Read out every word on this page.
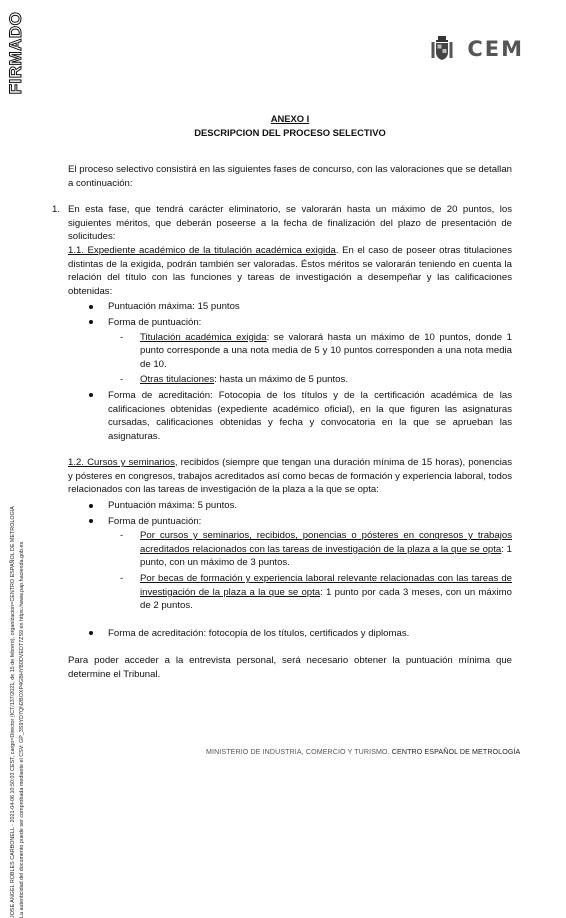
FIRMADO
JOSE ANGEL ROBLES CARBONELL - 2021-04-06 10:50:03 CEST, cargo=Director (ICT/137/2021, de 15 de febrero), organizacion=CENTRO ESPAÑOL DE METROLOGIA La autenticidad del documento puede ser comprobada mediante el CSV: GP_3S9YD7QN2BOXP4GBHYB0DVEDT7ZS9 en https://www.pap.hacienda.gob.es
CEM
ANEXO I
DESCRIPCION DEL PROCESO SELECTIVO

El proceso selectivo consistirá en las siguientes fases de concurso, con las valoraciones que se detallan a continuación:

1. En esta fase, que tendrá carácter eliminatorio, se valorarán hasta un máximo de 20 puntos, los siguientes méritos, que deberán poseerse a la fecha de finalización del plazo de presentación de solicitudes:

1.1. Expediente académico de la titulación académica exigida. En el caso de poseer otras titulaciones distintas de la exigida, podrán también ser valoradas. Éstos méritos se valorarán teniendo en cuenta la relación del título con las funciones y tareas de investigación a desempeñar y las calificaciones obtenidas:

Puntuación máxima: 15 puntos
Forma de puntuación:
- Titulación académica exigida: se valorará hasta un máximo de 10 puntos, donde 1 punto corresponde a una nota media de 5 y 10 puntos corresponden a una nota media de 10.
- Otras titulaciones: hasta un máximo de 5 puntos.
Forma de acreditación: Fotocopia de los títulos y de la certificación académica de las calificaciones obtenidas (expediente académico oficial), en la que figuren las asignaturas cursadas, calificaciones obtenidas y fecha y convocatoria en la que se aprueban las asignaturas.

1.2. Cursos y seminarios, recibidos (siempre que tengan una duración mínima de 15 horas), ponencias y pósteres en congresos, trabajos acreditados así como becas de formación y experiencia laboral, todos relacionados con las tareas de investigación de la plaza a la que se opta:

Puntuación máxima: 5 puntos.
Forma de puntuación:
- Por cursos y seminarios, recibidos, ponencias o pósteres en congresos y trabajos acreditados relacionados con las tareas de investigación de la plaza a la que se opta: 1 punto, con un máximo de 3 puntos.
- Por becas de formación y experiencia laboral relevante relacionadas con las tareas de investigación de la plaza a la que se opta: 1 punto por cada 3 meses, con un máximo de 2 puntos.
Forma de acreditación: fotocopia de los títulos, certificados y diplomas.

Para poder acceder a la entrevista personal, será necesario obtener la puntuación mínima que determine el Tribunal.

MINISTERIO DE INDUSTRIA, COMERCIO Y TURISMO. CENTRO ESPAÑOL DE METROLOGÍA
